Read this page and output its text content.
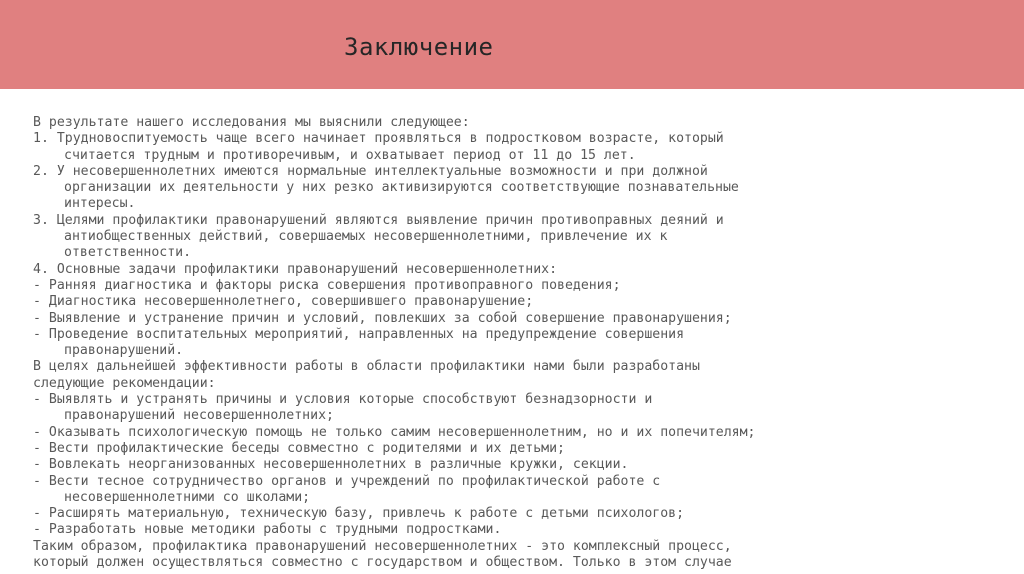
Заключение
В результате нашего исследования мы выяснили следующее:
1. Трудновоспитуемость чаще всего начинает проявляться в подростковом возрасте, который
считается трудным и противоречивым, и охватывает период от 11 до 15 лет.
2. У несовершеннолетних имеются нормальные интеллектуальные возможности и при должной
организации их деятельности у них резко активизируются соответствующие познавательные
интересы.
3. Целями профилактики правонарушений являются выявление причин противоправных деяний и
антиобщественных действий, совершаемых несовершеннолетними, привлечение их к
ответственности.
4. Основные задачи профилактики правонарушений несовершеннолетних:
- Ранняя диагностика и факторы риска совершения противоправного поведения;
- Диагностика несовершеннолетнего, совершившего правонарушение;
- Выявление и устранение причин и условий, повлекших за собой совершение правонарушения;
- Проведение воспитательных мероприятий, направленных на предупреждение совершения
правонарушений.
В целях дальнейшей эффективности работы в области профилактики нами были разработаны
следующие рекомендации:
- Выявлять и устранять причины и условия которые способствуют безнадзорности и
правонарушений несовершеннолетних;
- Оказывать психологическую помощь не только самим несовершеннолетним, но и их попечителям;
- Вести профилактические беседы совместно с родителями и их детьми;
- Вовлекать неорганизованных несовершеннолетних в различные кружки, секции.
- Вести тесное сотрудничество органов и учреждений по профилактической работе с
несовершеннолетними со школами;
- Расширять материальную, техническую базу, привлечь к работе с детьми психологов;
- Разработать новые методики работы с трудными подростками.
Таким образом, профилактика правонарушений несовершеннолетних - это комплексный процесс,
который должен осуществляться совместно с государством и обществом. Только в этом случае
